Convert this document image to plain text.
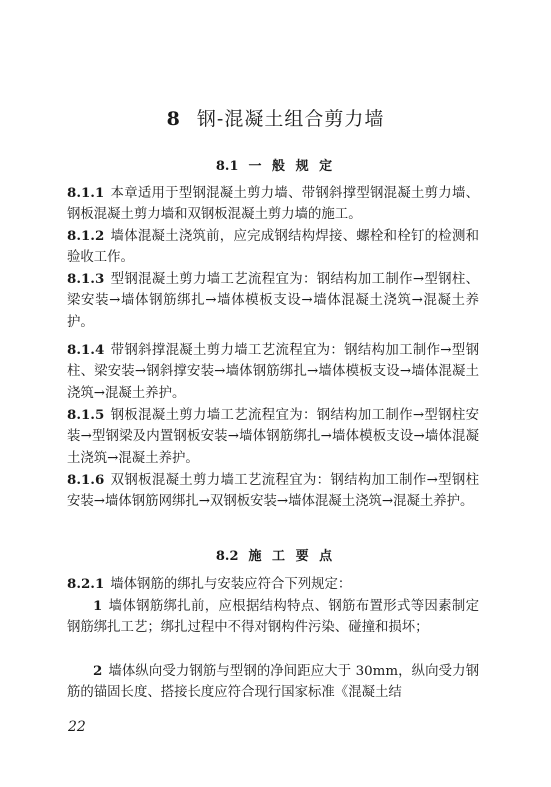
8 钢-混凝土组合剪力墙
8.1 一 般 规 定
8.1.1 本章适用于型钢混凝土剪力墙、带钢斜撑型钢混凝土剪力墙、钢板混凝土剪力墙和双钢板混凝土剪力墙的施工。
8.1.2 墙体混凝土浇筑前，应完成钢结构焊接、螺栓和栓钉的检测和验收工作。
8.1.3 型钢混凝土剪力墙工艺流程宜为：钢结构加工制作→型钢柱、梁安装→墙体钢筋绑扎→墙体模板支设→墙体混凝土浇筑→混凝土养护。
8.1.4 带钢斜撑混凝土剪力墙工艺流程宜为：钢结构加工制作→型钢柱、梁安装→钢斜撑安装→墙体钢筋绑扎→墙体模板支设→墙体混凝土浇筑→混凝土养护。
8.1.5 钢板混凝土剪力墙工艺流程宜为：钢结构加工制作→型钢柱安装→型钢梁及内置钢板安装→墙体钢筋绑扎→墙体模板支设→墙体混凝土浇筑→混凝土养护。
8.1.6 双钢板混凝土剪力墙工艺流程宜为：钢结构加工制作→型钢柱安装→墙体钢筋网绑扎→双钢板安装→墙体混凝土浇筑→混凝土养护。
8.2 施 工 要 点
8.2.1 墙体钢筋的绑扎与安装应符合下列规定：
1 墙体钢筋绑扎前，应根据结构特点、钢筋布置形式等因素制定钢筋绑扎工艺；绑扎过程中不得对钢构件污染、碰撞和损坏；
2 墙体纵向受力钢筋与型钢的净间距应大于 30mm，纵向受力钢筋的锚固长度、搭接长度应符合现行国家标准《混凝土结
22
